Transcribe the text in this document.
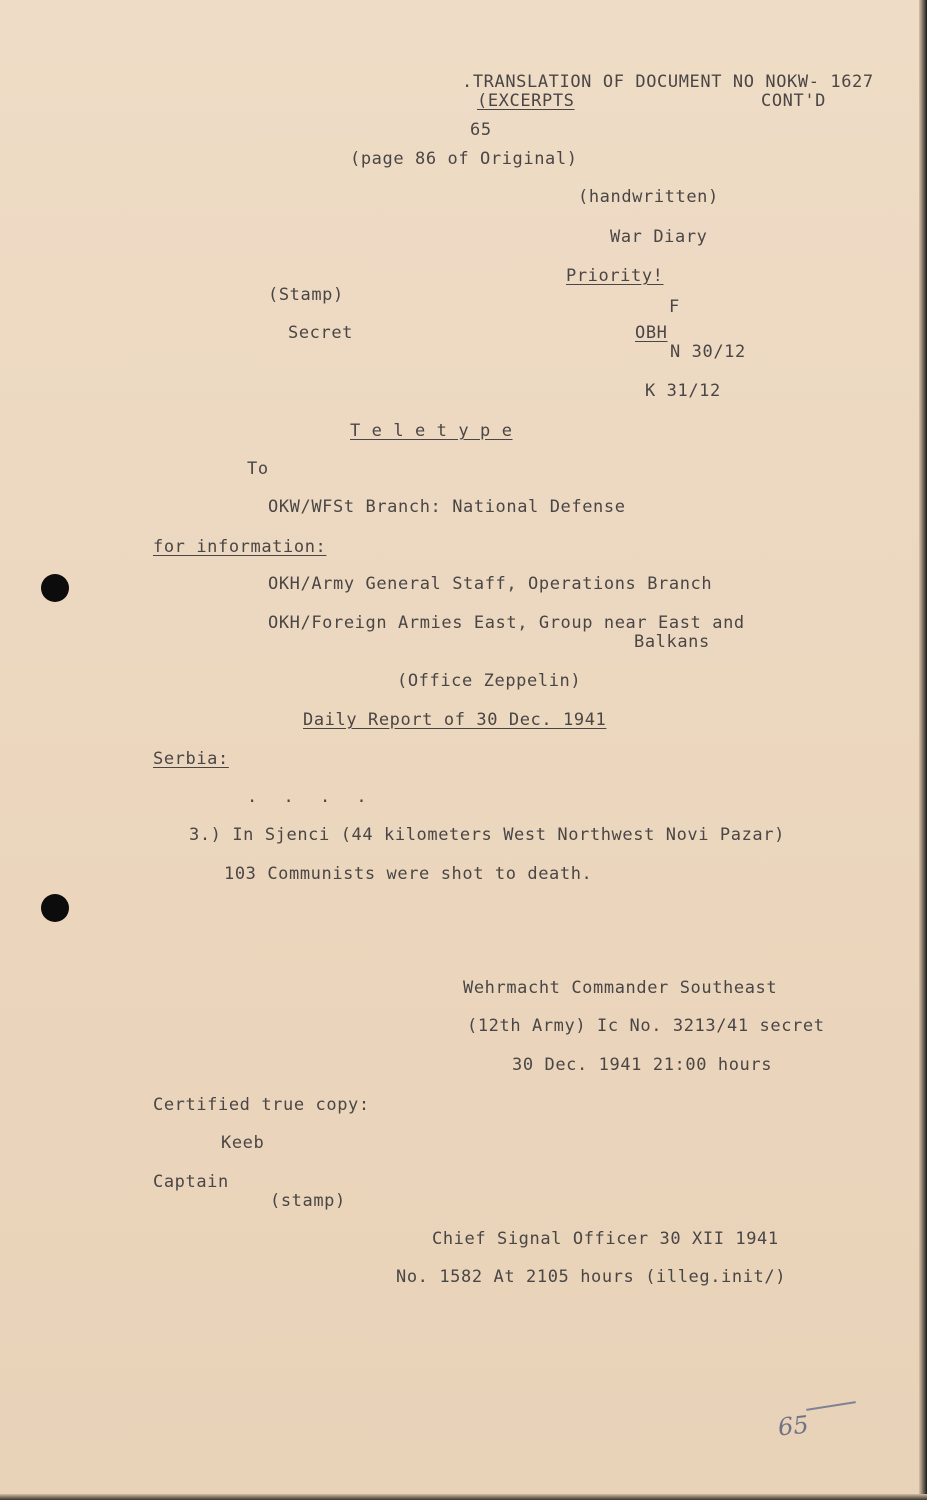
.TRANSLATION OF DOCUMENT NO NOKW- 1627
(EXCERPTS	CONT'D
65
(page 86 of Original)
(handwritten)
War Diary
Priority!
F
(Stamp)
Secret	OBH
N 30/12
K 31/12
T e l e t y p e
To
OKW/WFSt Branch: National Defense
for information:
OKH/Army General Staff, Operations Branch
OKH/Foreign Armies East, Group near East and
Balkans
(Office Zeppelin)
Daily Report of 30 Dec. 1941
Serbia:
. . . .
3.) In Sjenci (44 kilometers West Northwest Novi Pazar)
103 Communists were shot to death.
Wehrmacht Commander Southeast
(12th Army) Ic No. 3213/41 secret
30 Dec. 1941 21:00 hours
Certified true copy:
Keeb
Captain
(stamp)
Chief Signal Officer 30 XII 1941
No. 1582 At 2105 hours (illeg.init/)
65
